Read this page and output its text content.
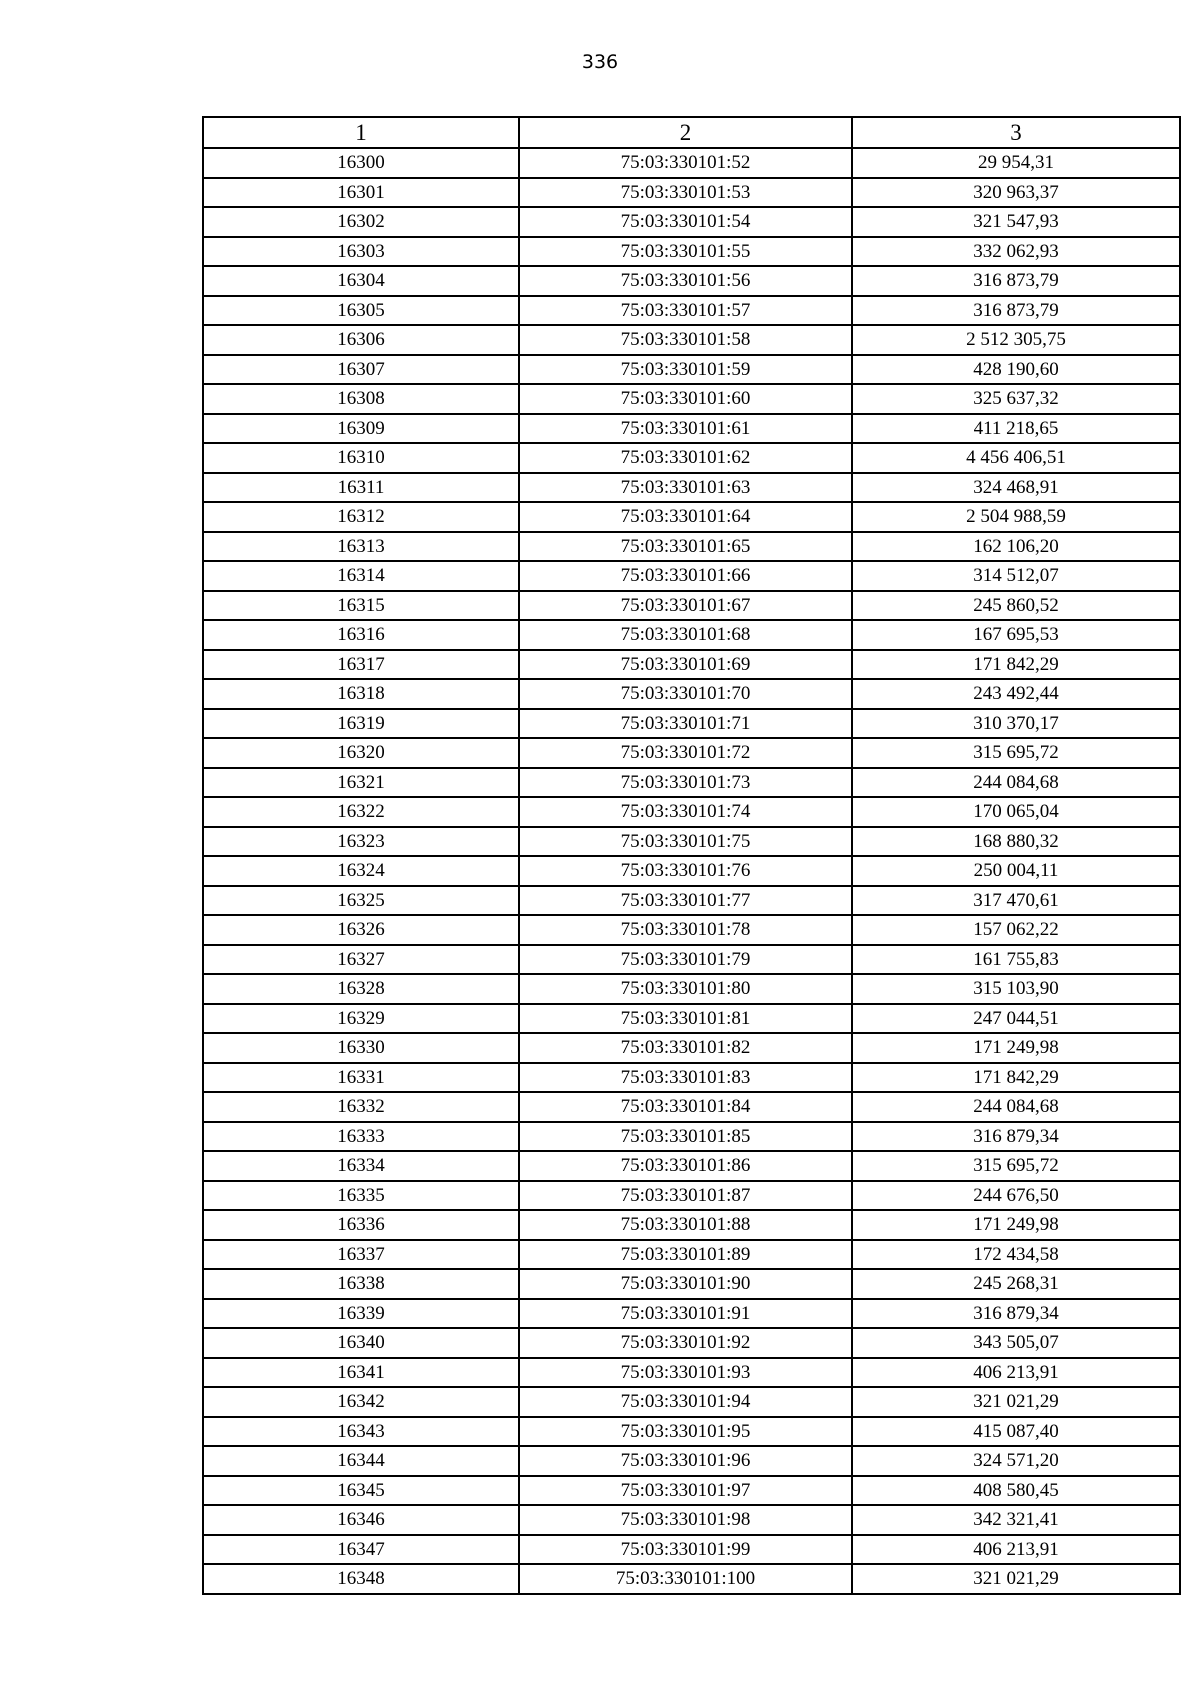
336
1	2	3
16300	75:03:330101:52	29 954,31
16301	75:03:330101:53	320 963,37
16302	75:03:330101:54	321 547,93
16303	75:03:330101:55	332 062,93
16304	75:03:330101:56	316 873,79
16305	75:03:330101:57	316 873,79
16306	75:03:330101:58	2 512 305,75
16307	75:03:330101:59	428 190,60
16308	75:03:330101:60	325 637,32
16309	75:03:330101:61	411 218,65
16310	75:03:330101:62	4 456 406,51
16311	75:03:330101:63	324 468,91
16312	75:03:330101:64	2 504 988,59
16313	75:03:330101:65	162 106,20
16314	75:03:330101:66	314 512,07
16315	75:03:330101:67	245 860,52
16316	75:03:330101:68	167 695,53
16317	75:03:330101:69	171 842,29
16318	75:03:330101:70	243 492,44
16319	75:03:330101:71	310 370,17
16320	75:03:330101:72	315 695,72
16321	75:03:330101:73	244 084,68
16322	75:03:330101:74	170 065,04
16323	75:03:330101:75	168 880,32
16324	75:03:330101:76	250 004,11
16325	75:03:330101:77	317 470,61
16326	75:03:330101:78	157 062,22
16327	75:03:330101:79	161 755,83
16328	75:03:330101:80	315 103,90
16329	75:03:330101:81	247 044,51
16330	75:03:330101:82	171 249,98
16331	75:03:330101:83	171 842,29
16332	75:03:330101:84	244 084,68
16333	75:03:330101:85	316 879,34
16334	75:03:330101:86	315 695,72
16335	75:03:330101:87	244 676,50
16336	75:03:330101:88	171 249,98
16337	75:03:330101:89	172 434,58
16338	75:03:330101:90	245 268,31
16339	75:03:330101:91	316 879,34
16340	75:03:330101:92	343 505,07
16341	75:03:330101:93	406 213,91
16342	75:03:330101:94	321 021,29
16343	75:03:330101:95	415 087,40
16344	75:03:330101:96	324 571,20
16345	75:03:330101:97	408 580,45
16346	75:03:330101:98	342 321,41
16347	75:03:330101:99	406 213,91
16348	75:03:330101:100	321 021,29
